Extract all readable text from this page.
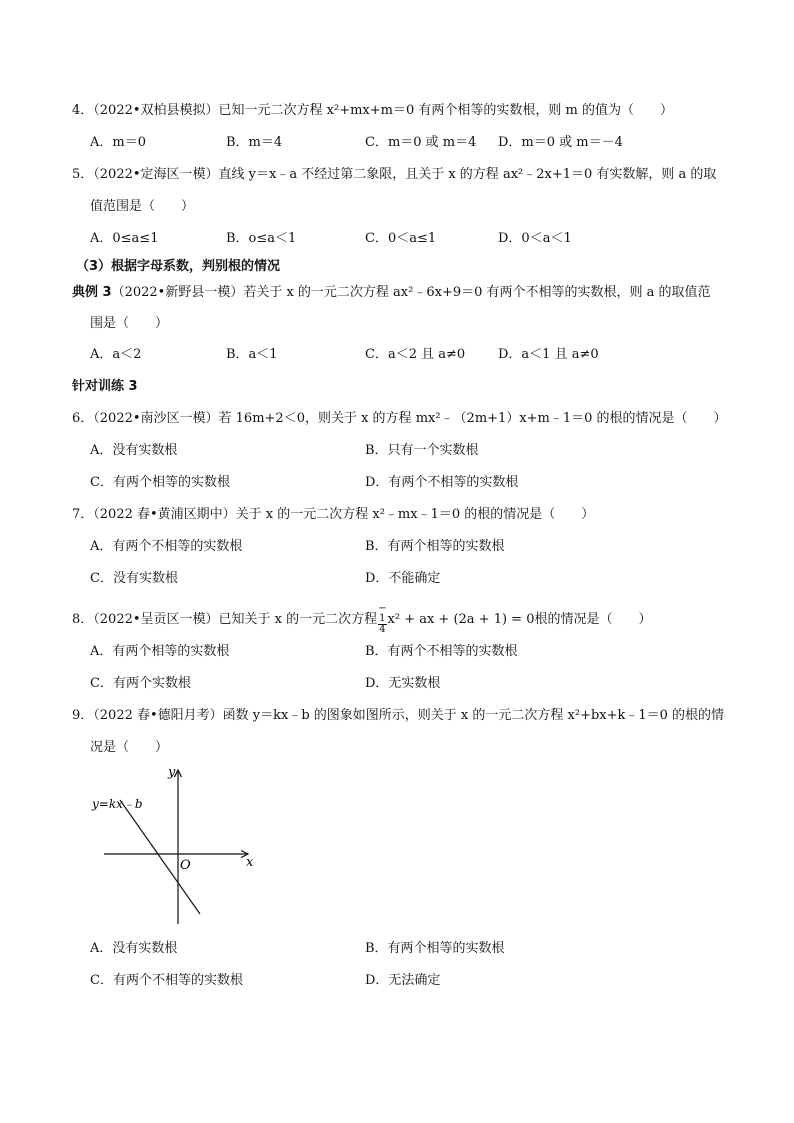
4．（2022•双柏县模拟）已知一元二次方程 x²+mx+m＝0 有两个相等的实数根，则 m 的值为（　　）
A．m＝0	B．m＝4	C．m＝0 或 m＝4 D．m＝0 或 m＝－4
5．（2022•定海区一模）直线 y＝x﹣a 不经过第二象限，且关于 x 的方程 ax²﹣2x+1＝0 有实数解，则 a 的取
值范围是（　　）
A．0≤a≤1	B．o≤a＜1	C．0＜a≤1	D．0＜a＜1
（3）根据字母系数，判别根的情况
典例 3（2022•新野县一模）若关于 x 的一元二次方程 ax²﹣6x+9＝0 有两个不相等的实数根，则 a 的取值范
围是（　　）
A．a＜2	B．a＜1	C．a＜2 且 a≠0	D．a＜1 且 a≠0
针对训练 3
6．（2022•南沙区一模）若 16m+2＜0，则关于 x 的方程 mx²﹣（2m+1）x+m﹣1＝0 的根的情况是（　　）
A．没有实数根	B．只有一个实数根
C．有两个相等的实数根	D．有两个不相等的实数根
7．（2022 春•黄浦区期中）关于 x 的一元二次方程 x²﹣mx﹣1＝0 的根的情况是（　　）
A．有两个不相等的实数根	B．有两个相等的实数根
C．没有实数根	D．不能确定
8．（2022•呈贡区一模）已知关于 x 的一元二次方程−
1
4
x² + ax + (2a + 1) = 0根的情况是（　　）
A．有两个相等的实数根	B．有两个不相等的实数根
C．有两个实数根	D．无实数根
9．（2022 春•德阳月考）函数 y＝kx﹣b 的图象如图所示，则关于 x 的一元二次方程 x²+bx+k﹣1＝0 的根的情
况是（　　）
x
y
O
y=kx﹣b
A．没有实数根	B．有两个相等的实数根
C．有两个不相等的实数根	D．无法确定
